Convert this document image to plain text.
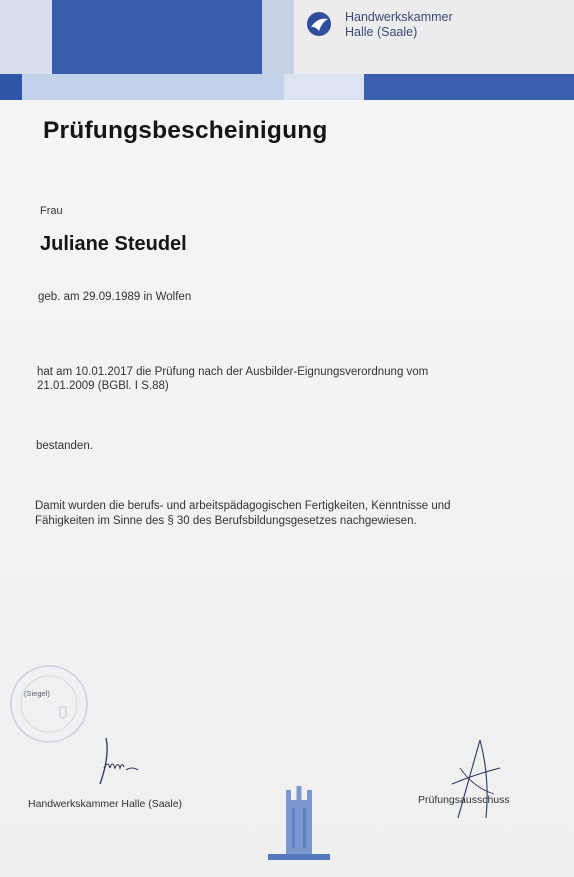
Handwerkskammer
Halle (Saale)
Prüfungsbescheinigung
Frau
Juliane Steudel
geb. am 29.09.1989 in Wolfen
hat am 10.01.2017 die Prüfung nach der Ausbilder-Eignungsverordnung vom
21.01.2009 (BGBl. I S.88)
bestanden.
Damit wurden die berufs- und arbeitspädagogischen Fertigkeiten, Kenntnisse und
Fähigkeiten im Sinne des § 30 des Berufsbildungsgesetzes nachgewiesen.
(Siegel)
Handwerkskammer Halle (Saale)	Prüfungsausschuss
